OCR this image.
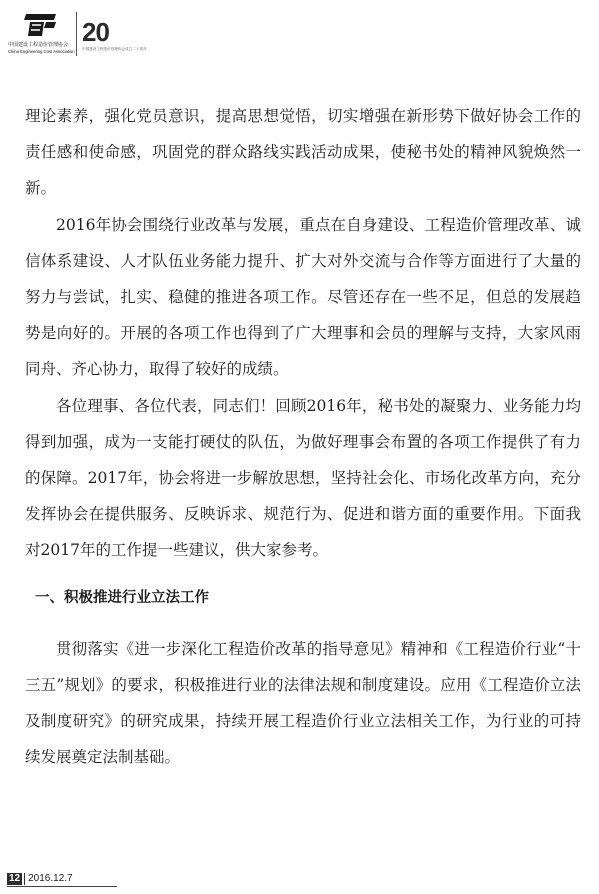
中国建设工程造价管理协会
China Engineering Cost Association
20
中国建设工程造价管理协会成立二十周年

理论素养，强化党员意识，提高思想觉悟，切实增强在新形势下做好协会工作的责任感和使命感，巩固党的群众路线实践活动成果，使秘书处的精神风貌焕然一新。

2016年协会围绕行业改革与发展，重点在自身建设、工程造价管理改革、诚信体系建设、人才队伍业务能力提升、扩大对外交流与合作等方面进行了大量的努力与尝试，扎实、稳健的推进各项工作。尽管还存在一些不足，但总的发展趋势是向好的。开展的各项工作也得到了广大理事和会员的理解与支持，大家风雨同舟、齐心协力，取得了较好的成绩。

各位理事、各位代表，同志们！回顾2016年，秘书处的凝聚力、业务能力均得到加强，成为一支能打硬仗的队伍，为做好理事会布置的各项工作提供了有力的保障。2017年，协会将进一步解放思想，坚持社会化、市场化改革方向，充分发挥协会在提供服务、反映诉求、规范行为、促进和谐方面的重要作用。下面我对2017年的工作提一些建议，供大家参考。

一、积极推进行业立法工作

贯彻落实《进一步深化工程造价改革的指导意见》精神和《工程造价行业“十三五”规划》的要求，积极推进行业的法律法规和制度建设。应用《工程造价立法及制度研究》的研究成果，持续开展工程造价行业立法相关工作，为行业的可持续发展奠定法制基础。

12 2016.12.7
